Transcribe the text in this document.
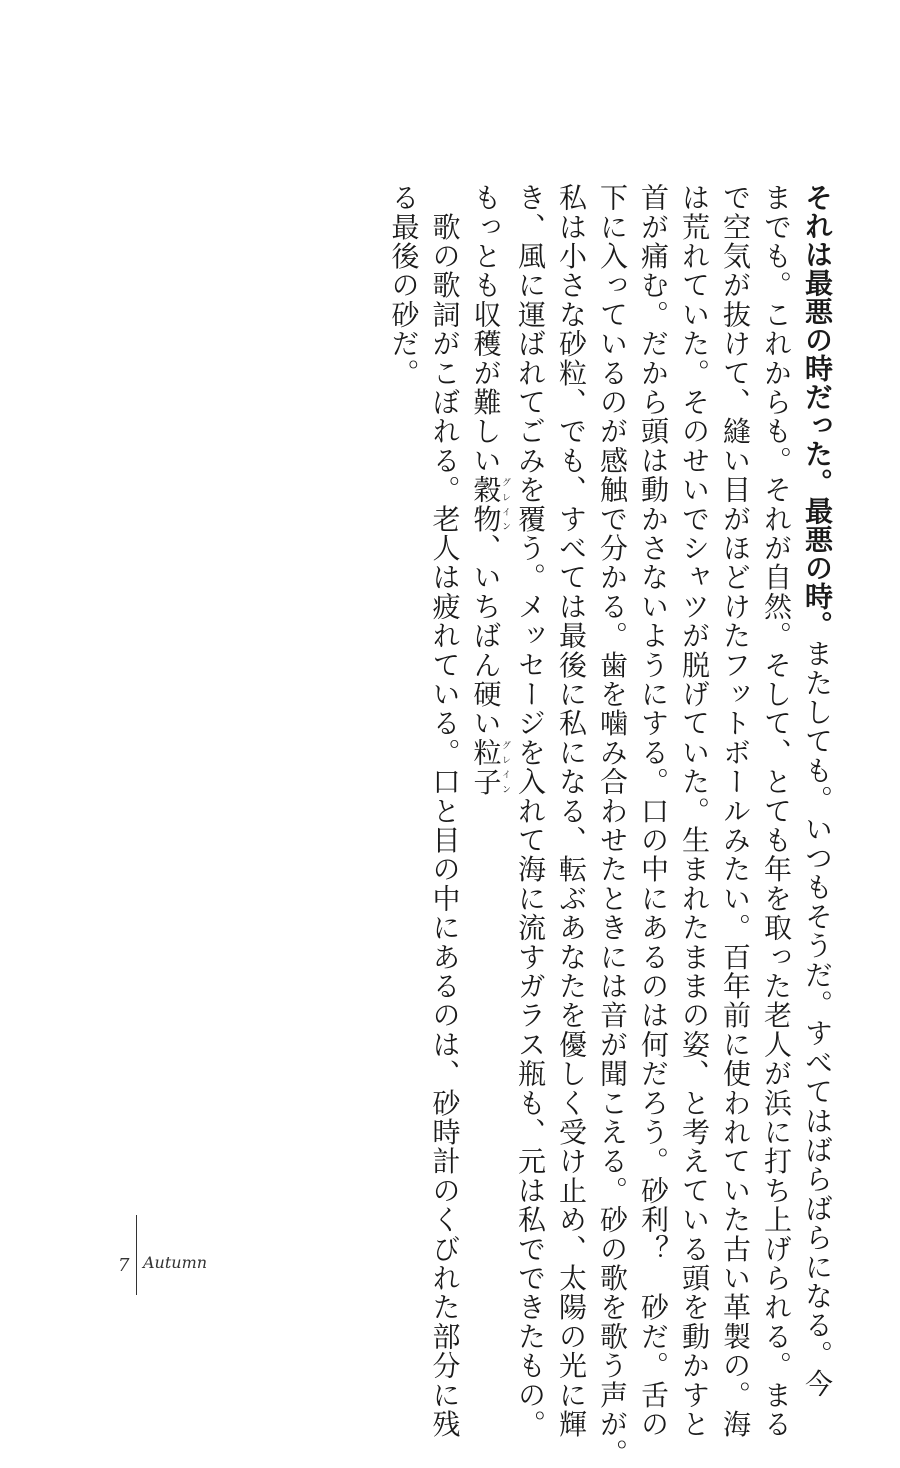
それは最悪の時だった。最悪の時。またしても。いつもそうだ。すべてはばらばらになる。今
までも。これからも。それが自然。そして、とても年を取った老人が浜に打ち上げられる。まる
で空気が抜けて、縫い目がほどけたフットボールみたい。百年前に使われていた古い革製の。海
は荒れていた。そのせいでシャツが脱げていた。生まれたままの姿、と考えている頭を動かすと
首が痛む。だから頭は動かさないようにする。口の中にあるのは何だろう。砂利？　砂だ。舌の
下に入っているのが感触で分かる。歯を噛み合わせたときには音が聞こえる。砂の歌を歌う声が。
私は小さな砂粒、でも、すべては最後に私になる、転ぶあなたを優しく受け止め、太陽の光に輝
き、風に運ばれてごみを覆う。メッセージを入れて海に流すガラス瓶も、元は私でできたもの。
もっとも収穫が難しい穀物グレイン、いちばん硬い粒子グレイン
　歌の歌詞がこぼれる。老人は疲れている。口と目の中にあるのは、砂時計のくびれた部分に残
る最後の砂だ。
7 Autumn
